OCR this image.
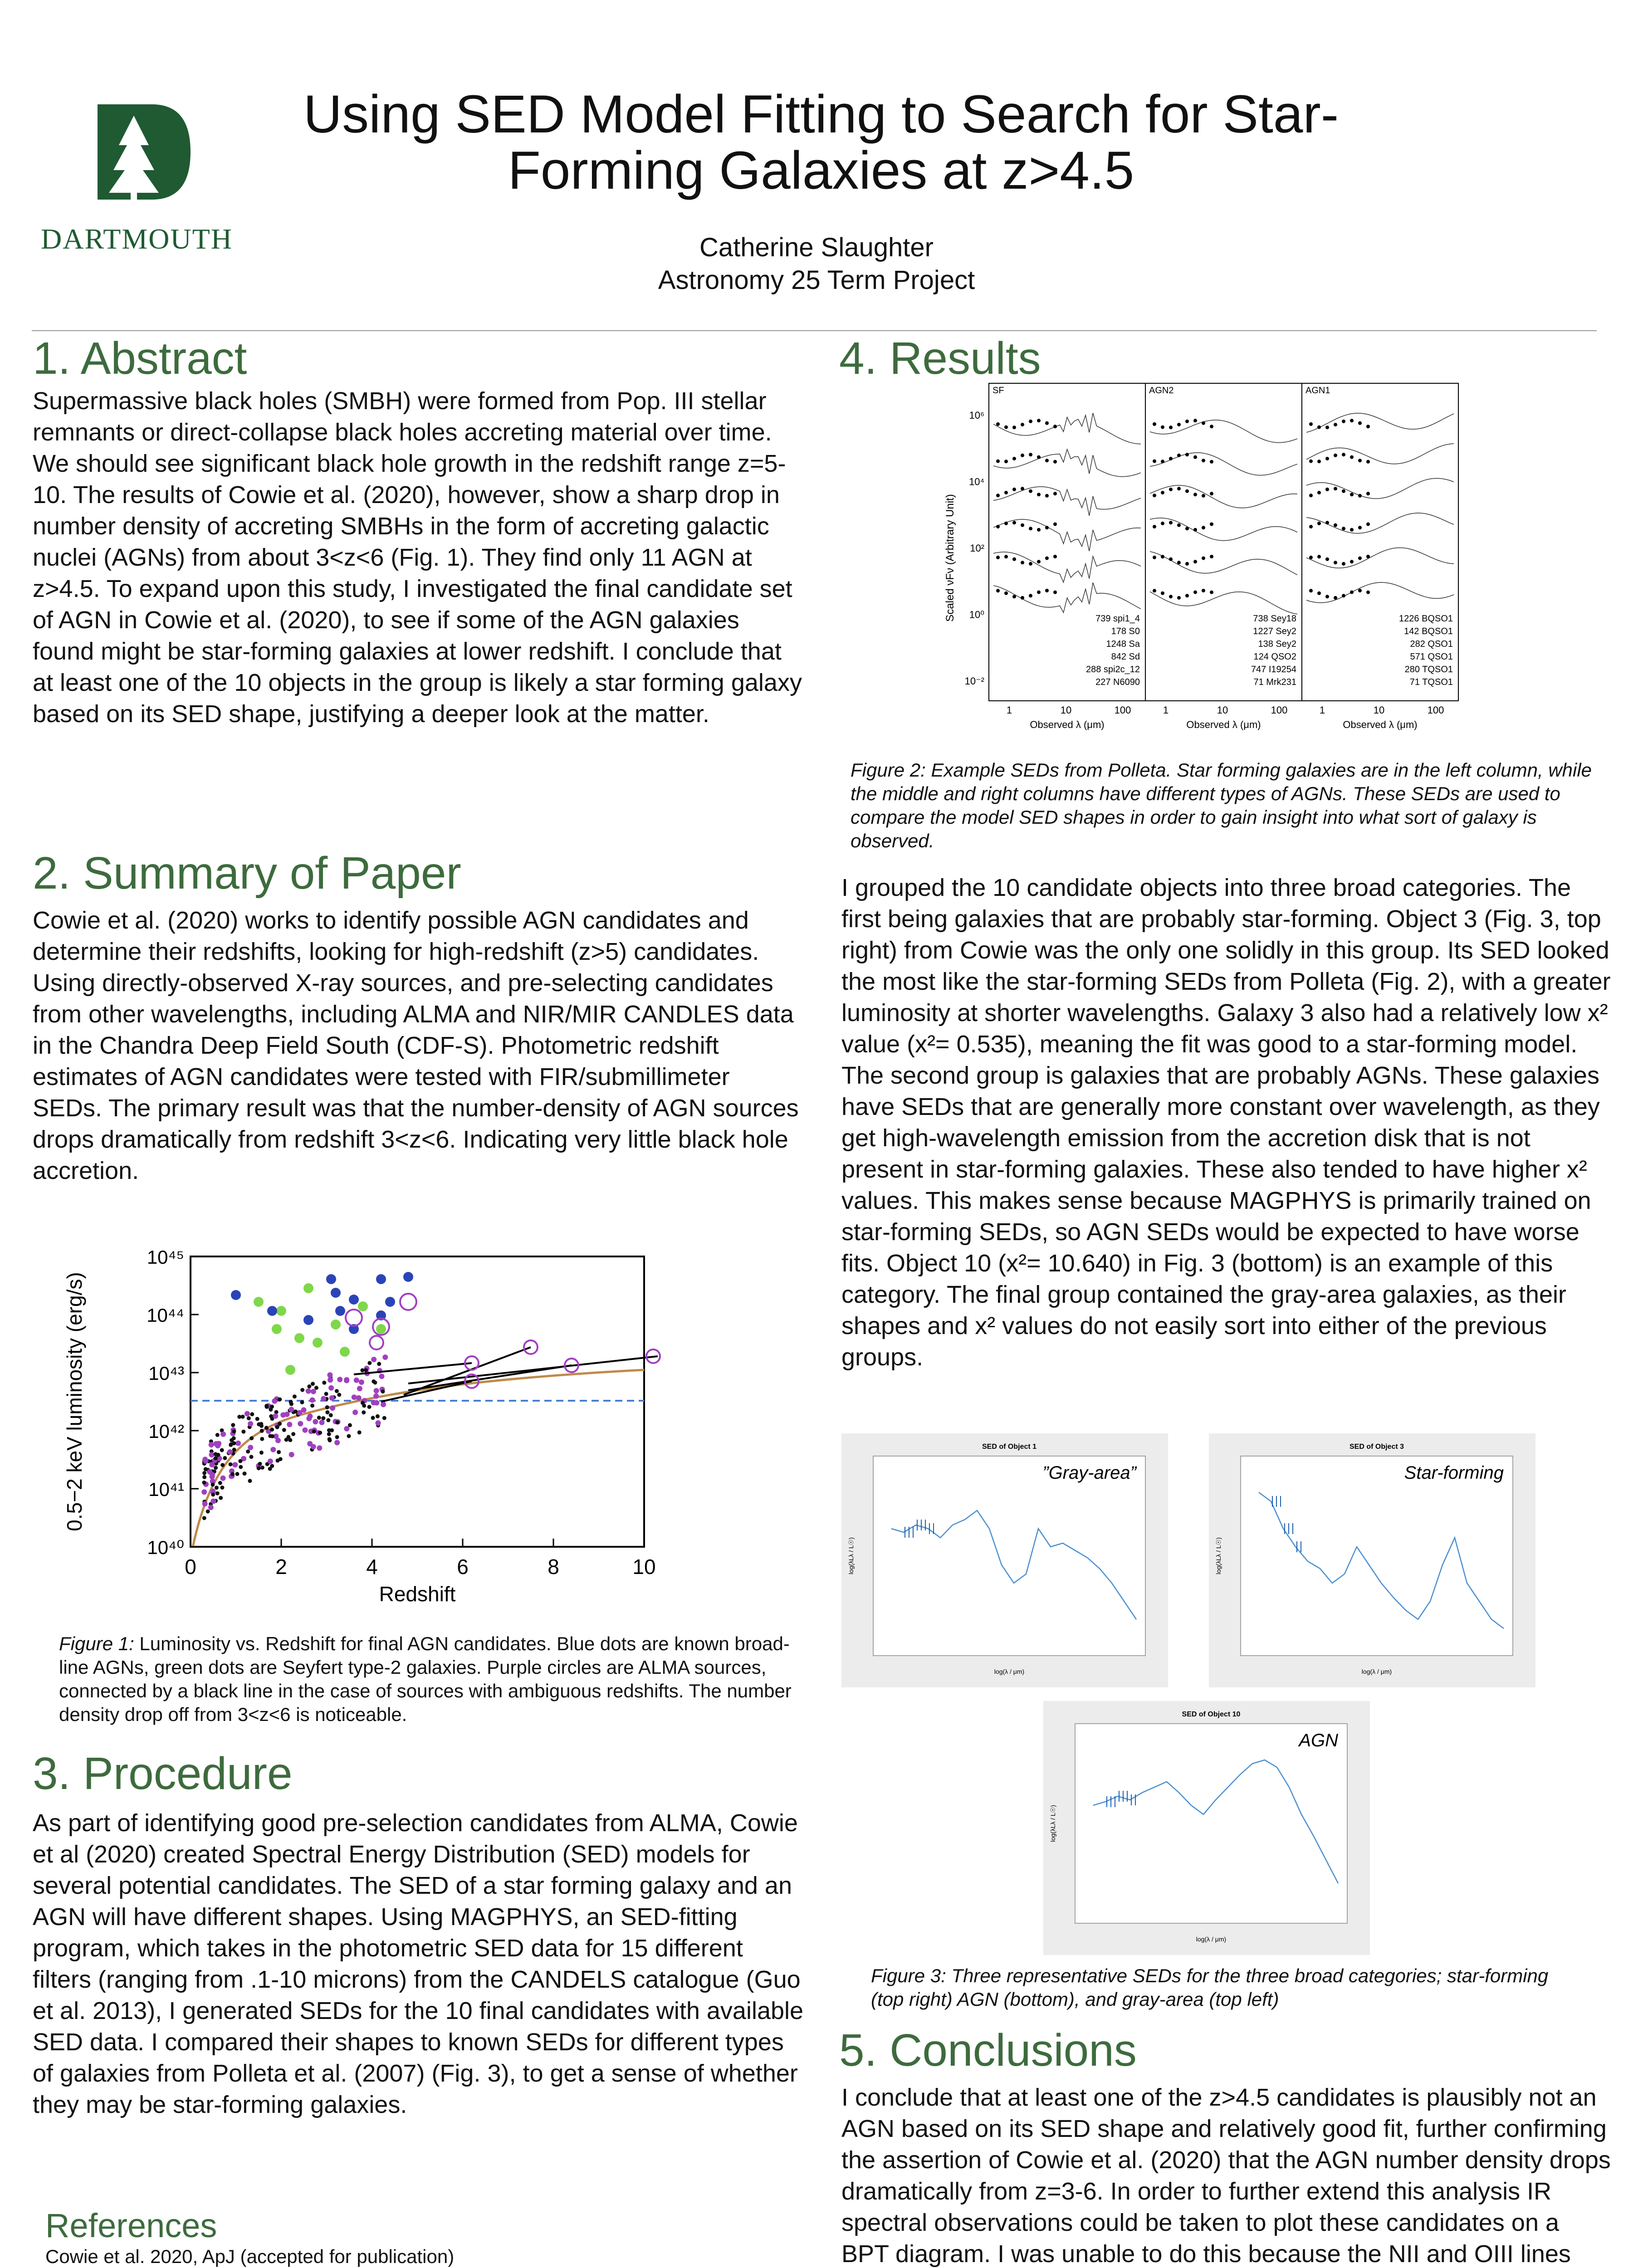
DARTMOUTH
Using SED Model Fitting to Search for Star-Forming Galaxies at z>4.5
Catherine Slaughter
Astronomy 25 Term Project
1. Abstract
Supermassive black holes (SMBH) were formed from Pop. III stellar remnants or direct-collapse black holes accreting material over time. We should see significant black hole growth in the redshift range z=5-10. The results of Cowie et al. (2020), however, show a sharp drop in number density of accreting SMBHs in the form of accreting galactic nuclei (AGNs) from about 3<z<6 (Fig. 1). They find only 11 AGN at z>4.5. To expand upon this study, I investigated the final candidate set of AGN in Cowie et al. (2020), to see if some of the AGN galaxies found might be star-forming galaxies at lower redshift. I conclude that at least one of the 10 objects in the group is likely a star forming galaxy based on its SED shape, justifying a deeper look at the matter.
2. Summary of Paper
Cowie et al. (2020) works to identify possible AGN candidates and determine their redshifts, looking for high-redshift (z>5) candidates. Using directly-observed X-ray sources, and pre-selecting candidates from other wavelengths, including ALMA and NIR/MIR CANDLES data in the Chandra Deep Field South (CDF-S). Photometric redshift estimates of AGN candidates were tested with FIR/submillimeter SEDs. The primary result was that the number-density of AGN sources drops dramatically from redshift 3<z<6. Indicating very little black hole accretion.
0	2	4	6	8	10
10⁴⁰
10⁴¹
10⁴²
10⁴³
10⁴⁴
10⁴⁵
0.5−2 keV luminosity (erg/s)
Redshift
Figure 1: Luminosity vs. Redshift for final AGN candidates. Blue dots are known broad-line AGNs, green dots are Seyfert type-2 galaxies. Purple circles are ALMA sources, connected by a black line in the case of sources with ambiguous redshifts. The number density drop off from 3<z<6 is noticeable.
3. Procedure
As part of identifying good pre-selection candidates from ALMA, Cowie et al (2020) created Spectral Energy Distribution (SED) models for several potential candidates. The SED of a star forming galaxy and an AGN will have different shapes. Using MAGPHYS, an SED-fitting program, which takes in the photometric SED data for 15 different filters (ranging from .1-10 microns) from the CANDELS catalogue (Guo et al. 2013), I generated SEDs for the 10 final candidates with available SED data. I compared their shapes to known SEDs for different types of galaxies from Polleta et al. (2007) (Fig. 3), to get a sense of whether they may be star-forming galaxies.
References
Cowie et al. 2020, ApJ (accepted for publication)
4. Results
Scaled νFν (Arbitrary Unit)
10⁶
10⁴
10²
10⁰
10⁻²
SF
739 spi1_4
178 S0
1248 Sa
842 Sd
288 spi2c_12
227 N6090
1	10	100
Observed λ (μm)
AGN2
738 Sey18
1227 Sey2
138 Sey2
124 QSO2
747 I19254
71 Mrk231
1	10	100
Observed λ (μm)
AGN1
1226 BQSO1
142 BQSO1
282 QSO1
571 QSO1
280 TQSO1
71 TQSO1
1	10	100
Observed λ (μm)
Figure 2: Example SEDs from Polleta. Star forming galaxies are in the left column, while the middle and right columns have different types of AGNs. These SEDs are used to compare the model SED shapes in order to gain insight into what sort of galaxy is observed.
I grouped the 10 candidate objects into three broad categories. The first being galaxies that are probably star-forming. Object 3 (Fig. 3, top right) from Cowie was the only one solidly in this group. Its SED looked the most like the star-forming SEDs from Polleta (Fig. 2), with a greater luminosity at shorter wavelengths. Galaxy 3 also had a relatively low x² value (x²= 0.535), meaning the fit was good to a star-forming model. The second group is galaxies that are probably AGNs. These galaxies have SEDs that are generally more constant over wavelength, as they get high-wavelength emission from the accretion disk that is not present in star-forming galaxies. These also tended to have higher x² values. This makes sense because MAGPHYS is primarily trained on star-forming SEDs, so AGN SEDs would be expected to have worse fits. Object 10 (x²= 10.640) in Fig. 3 (bottom) is an example of this category. The final group contained the gray-area galaxies, as their shapes and x² values do not easily sort into either of the previous groups.
SED of Object 1
”Gray-area”
log(λ / μm)
log(λLλ / L☉)
SED of Object 3
Star-forming
log(λ / μm)
log(λLλ / L☉)
SED of Object 10
AGN
log(λ / μm)
log(λLλ / L☉)
Figure 3: Three representative SEDs for the three broad categories; star-forming (top right) AGN (bottom), and gray-area (top left)
5. Conclusions
I conclude that at least one of the z>4.5 candidates is plausibly not an AGN based on its SED shape and relatively good fit, further confirming the assertion of Cowie et al. (2020) that the AGN number density drops dramatically from z=3-6. In order to further extend this analysis IR spectral observations could be taken to plot these candidates on a BPT diagram. I was unable to do this because the NII and OIII lines
